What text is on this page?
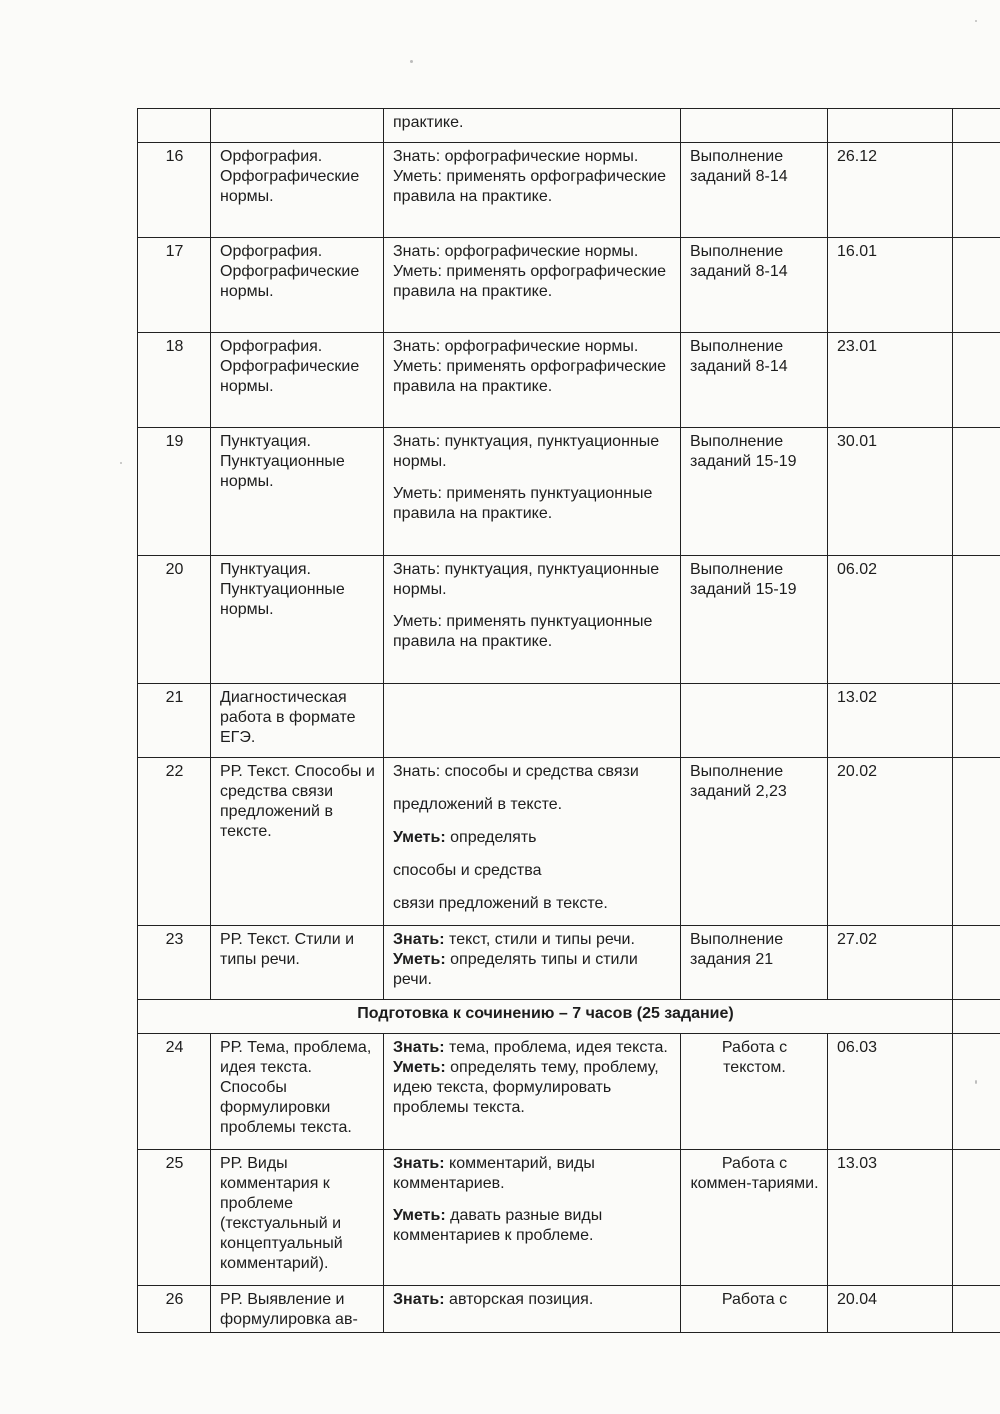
		практике.			

16	Орфография. Орфографические нормы.	Знать: орфографические нормы. Уметь: применять орфографические правила на практике.	Выполнение заданий 8-14	26.12	
17	Орфография. Орфографические нормы.	Знать: орфографические нормы. Уметь: применять орфографические правила на практике.	Выполнение заданий 8-14	16.01	
18	Орфография. Орфографические нормы.	Знать: орфографические нормы. Уметь: применять орфографические правила на практике.	Выполнение заданий 8-14	23.01	
19	Пунктуация. Пунктуационные нормы.	Знать: пунктуация, пунктуационные нормы.

Уметь: применять пунктуационные правила на практике.	Выполнение заданий 15-19	30.01	
20	Пунктуация. Пунктуационные нормы.	Знать: пунктуация, пунктуационные нормы.

Уметь: применять пунктуационные правила на практике.	Выполнение заданий 15-19	06.02	
21	Диагностическая работа в формате ЕГЭ.			13.02	
22	РР. Текст. Способы и средства связи предложений в тексте.	Знать: способы и средства связи

предложений в тексте.

Уметь: определять

способы и средства

связи предложений в тексте.	Выполнение заданий 2,23	20.02	
23	РР. Текст. Стили и типы речи.	Знать: текст, стили и типы речи. Уметь: определять типы и стили речи.	Выполнение задания 21	27.02	
Подготовка к сочинению – 7 часов (25 задание)					
24	РР. Тема, проблема, идея текста. Способы формулировки проблемы текста.	Знать: тема, проблема, идея текста. Уметь: определять тему, проблему, идею текста, формулировать проблемы текста.	Работа с текстом.	06.03	
25	РР. Виды комментария к проблеме (текстуальный и концептуальный комментарий).	Знать: комментарий, виды комментариев.

Уметь: давать разные виды комментариев к проблеме.	Работа с коммен-тариями.	13.03	
26	РР. Выявление и формулировка ав-	Знать: авторская позиция.	Работа с	20.04	
